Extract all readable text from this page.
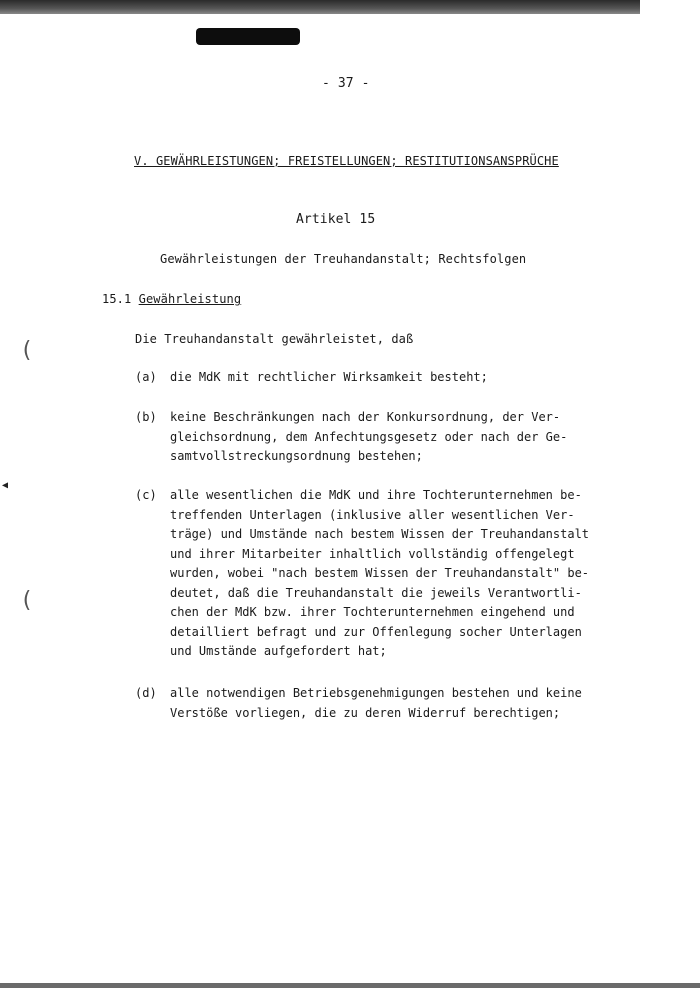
(
(
◀
- 37 -
V. GEWÄHRLEISTUNGEN; FREISTELLUNGEN; RESTITUTIONSANSPRÜCHE
Artikel 15
Gewährleistungen der Treuhandanstalt; Rechtsfolgen
15.1 Gewährleistung
Die Treuhandanstalt gewährleistet, daß
(a) die MdK mit rechtlicher Wirksamkeit besteht;
(b) keine Beschränkungen nach der Konkursordnung, der Ver-
gleichsordnung, dem Anfechtungsgesetz oder nach der Ge-
samtvollstreckungsordnung bestehen;
(c) alle wesentlichen die MdK und ihre Tochterunternehmen be-
treffenden Unterlagen (inklusive aller wesentlichen Ver-
träge) und Umstände nach bestem Wissen der Treuhandanstalt
und ihrer Mitarbeiter inhaltlich vollständig offengelegt
wurden, wobei "nach bestem Wissen der Treuhandanstalt" be-
deutet, daß die Treuhandanstalt die jeweils Verantwortli-
chen der MdK bzw. ihrer Tochterunternehmen eingehend und
detailliert befragt und zur Offenlegung socher Unterlagen
und Umstände aufgefordert hat;
(d) alle notwendigen Betriebsgenehmigungen bestehen und keine
Verstöße vorliegen, die zu deren Widerruf berechtigen;
